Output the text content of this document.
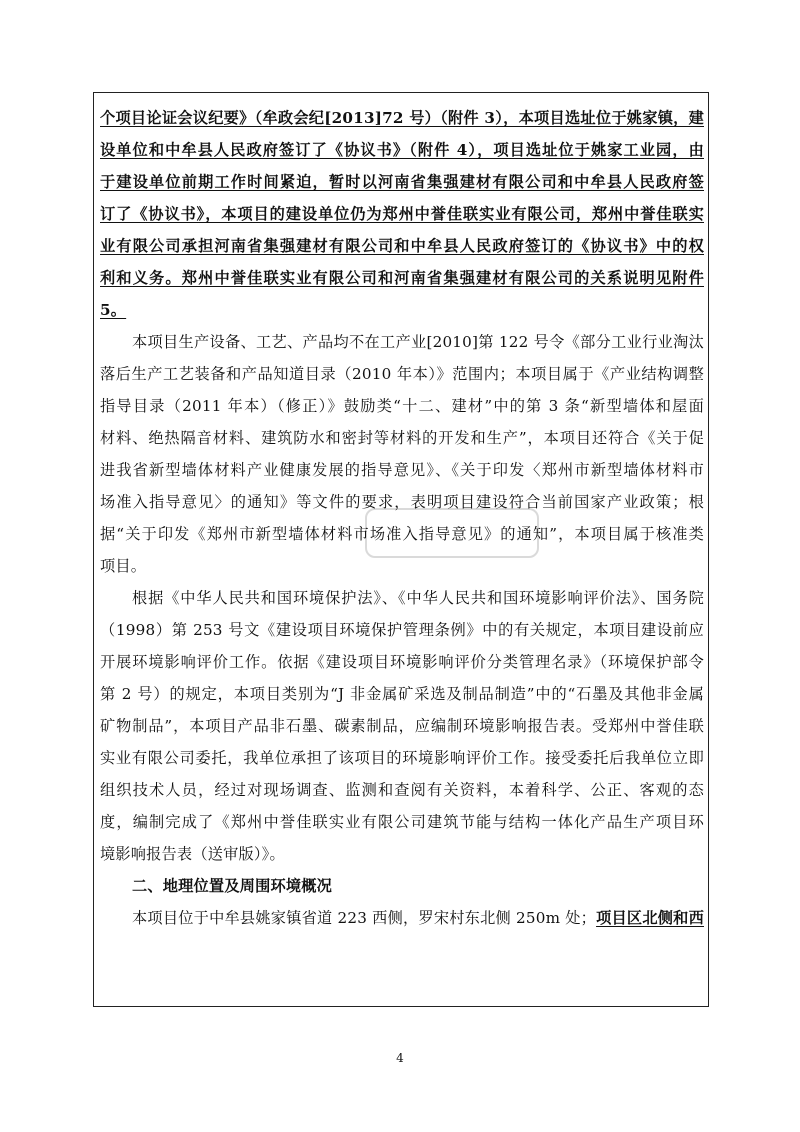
个项目论证会议纪要》（牟政会纪[2013]72 号）（附件 3），本项目选址位于姚家镇，建
设单位和中牟县人民政府签订了《协议书》（附件 4），项目选址位于姚家工业园，由
于建设单位前期工作时间紧迫，暂时以河南省集强建材有限公司和中牟县人民政府签
订了《协议书》，本项目的建设单位仍为郑州中誉佳联实业有限公司，郑州中誉佳联实
业有限公司承担河南省集强建材有限公司和中牟县人民政府签订的《协议书》中的权
利和义务。郑州中誉佳联实业有限公司和河南省集强建材有限公司的关系说明见附件
5。
本项目生产设备、工艺、产品均不在工产业[2010]第 122 号令《部分工业行业淘汰
落后生产工艺装备和产品知道目录（2010 年本）》范围内；本项目属于《产业结构调整
指导目录（2011 年本）（修正）》鼓励类“十二、建材”中的第 3 条“新型墙体和屋面
材料、绝热隔音材料、建筑防水和密封等材料的开发和生产”，本项目还符合《关于促
进我省新型墙体材料产业健康发展的指导意见》、《关于印发〈郑州市新型墙体材料市
场准入指导意见〉的通知》等文件的要求，表明项目建设符合当前国家产业政策；根
据“关于印发《郑州市新型墙体材料市场准入指导意见》的通知”，本项目属于核准类
项目。
根据《中华人民共和国环境保护法》、《中华人民共和国环境影响评价法》、国务院
（1998）第 253 号文《建设项目环境保护管理条例》中的有关规定，本项目建设前应
开展环境影响评价工作。依据《建设项目环境影响评价分类管理名录》（环境保护部令
第 2 号）的规定，本项目类别为“J 非金属矿采选及制品制造”中的“石墨及其他非金属
矿物制品”，本项目产品非石墨、碳素制品，应编制环境影响报告表。受郑州中誉佳联
实业有限公司委托，我单位承担了该项目的环境影响评价工作。接受委托后我单位立即
组织技术人员，经过对现场调查、监测和查阅有关资料，本着科学、公正、客观的态
度，编制完成了《郑州中誉佳联实业有限公司建筑节能与结构一体化产品生产项目环
境影响报告表（送审版）》。
二、地理位置及周围环境概况
本项目位于中牟县姚家镇省道 223 西侧，罗宋村东北侧 250m 处；项目区北侧和西
4
